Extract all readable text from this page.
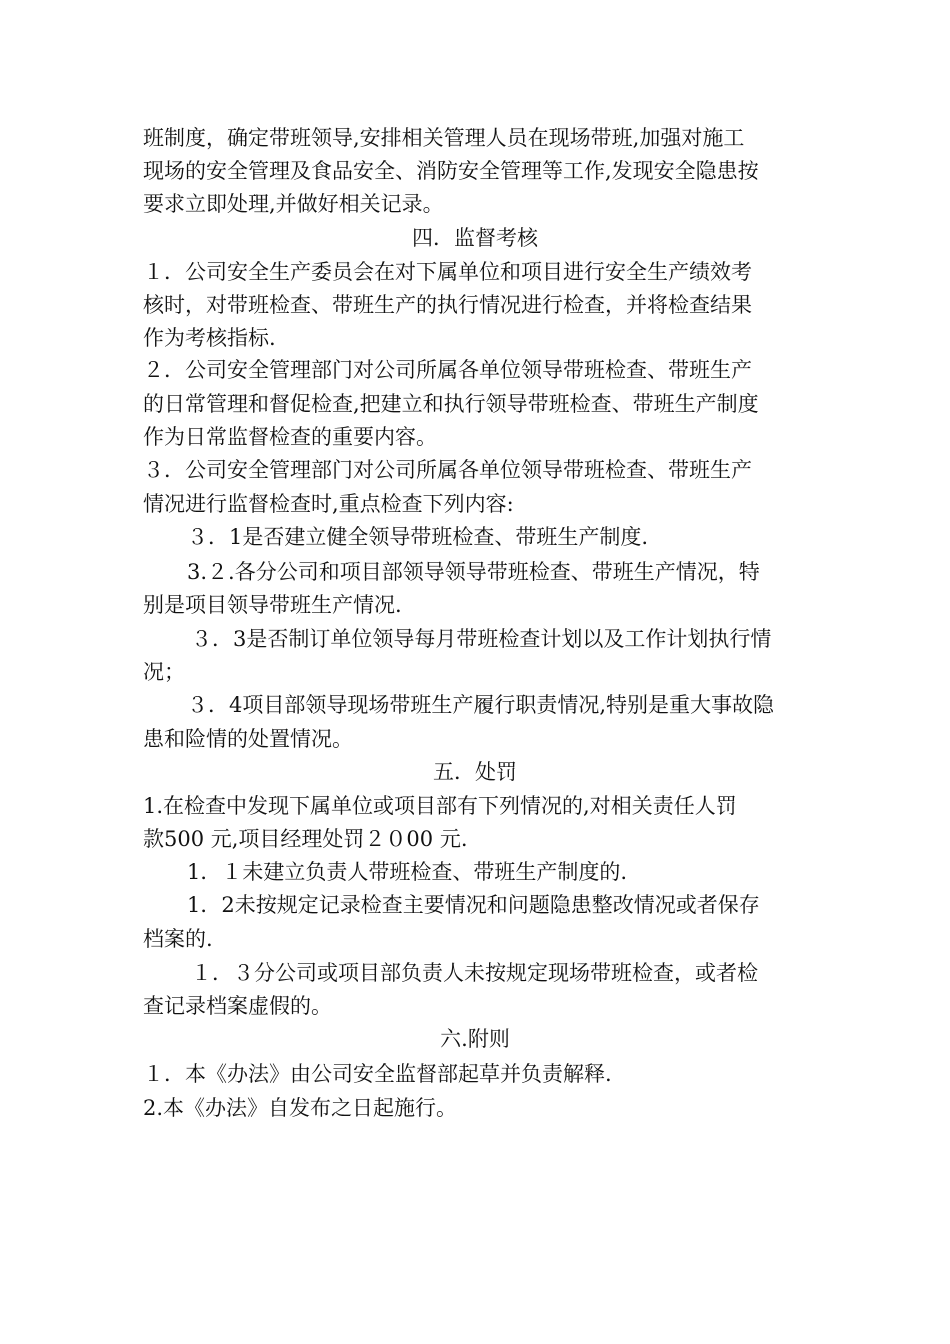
班制度，确定带班领导,安排相关管理人员在现场带班,加强对施工

现场的安全管理及食品安全、消防安全管理等工作,发现安全隐患按

要求立即处理,并做好相关记录。

四．监督考核

１．公司安全生产委员会在对下属单位和项目进行安全生产绩效考

核时，对带班检查、带班生产的执行情况进行检查，并将检查结果

作为考核指标.

２．公司安全管理部门对公司所属各单位领导带班检查、带班生产

的日常管理和督促检查,把建立和执行领导带班检查、带班生产制度

作为日常监督检查的重要内容。

３．公司安全管理部门对公司所属各单位领导带班检查、带班生产

情况进行监督检查时,重点检查下列内容:

３．1是否建立健全领导带班检查、带班生产制度.

3.２.各分公司和项目部领导领导带班检查、带班生产情况，特

别是项目领导带班生产情况.

３．3是否制订单位领导每月带班检查计划以及工作计划执行情

况；

３．4项目部领导现场带班生产履行职责情况,特别是重大事故隐

患和险情的处置情况。

五．处罚

1.在检查中发现下属单位或项目部有下列情况的,对相关责任人罚

款500 元,项目经理处罚２０00 元.

1．１未建立负责人带班检查、带班生产制度的.

1．2未按规定记录检查主要情况和问题隐患整改情况或者保存

档案的.

１．３分公司或项目部负责人未按规定现场带班检查，或者检

查记录档案虚假的。

六.附则

１．本《办法》由公司安全监督部起草并负责解释.

2.本《办法》自发布之日起施行。
